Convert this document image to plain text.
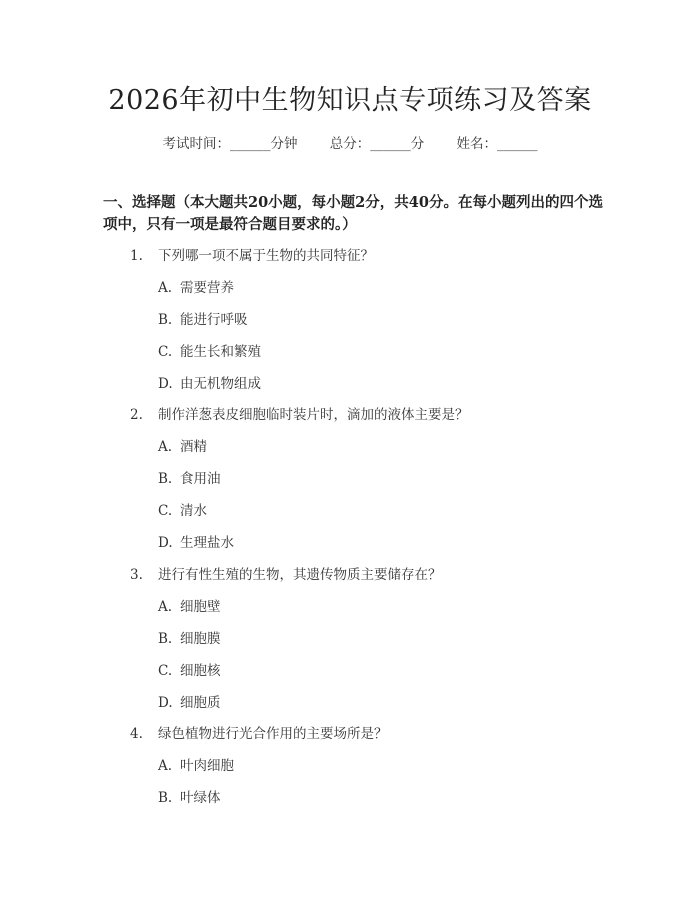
2026年初中生物知识点专项练习及答案
考试时间：______分钟 总分：______分 姓名：______
一、选择题（本大题共20小题，每小题2分，共40分。在每小题列出的四个选项中，只有一项是最符合题目要求的。）
1. 下列哪一项不属于生物的共同特征？
A. 需要营养
B. 能进行呼吸
C. 能生长和繁殖
D. 由无机物组成
2. 制作洋葱表皮细胞临时装片时，滴加的液体主要是？
A. 酒精
B. 食用油
C. 清水
D. 生理盐水
3. 进行有性生殖的生物，其遗传物质主要储存在？
A. 细胞壁
B. 细胞膜
C. 细胞核
D. 细胞质
4. 绿色植物进行光合作用的主要场所是？
A. 叶肉细胞
B. 叶绿体
